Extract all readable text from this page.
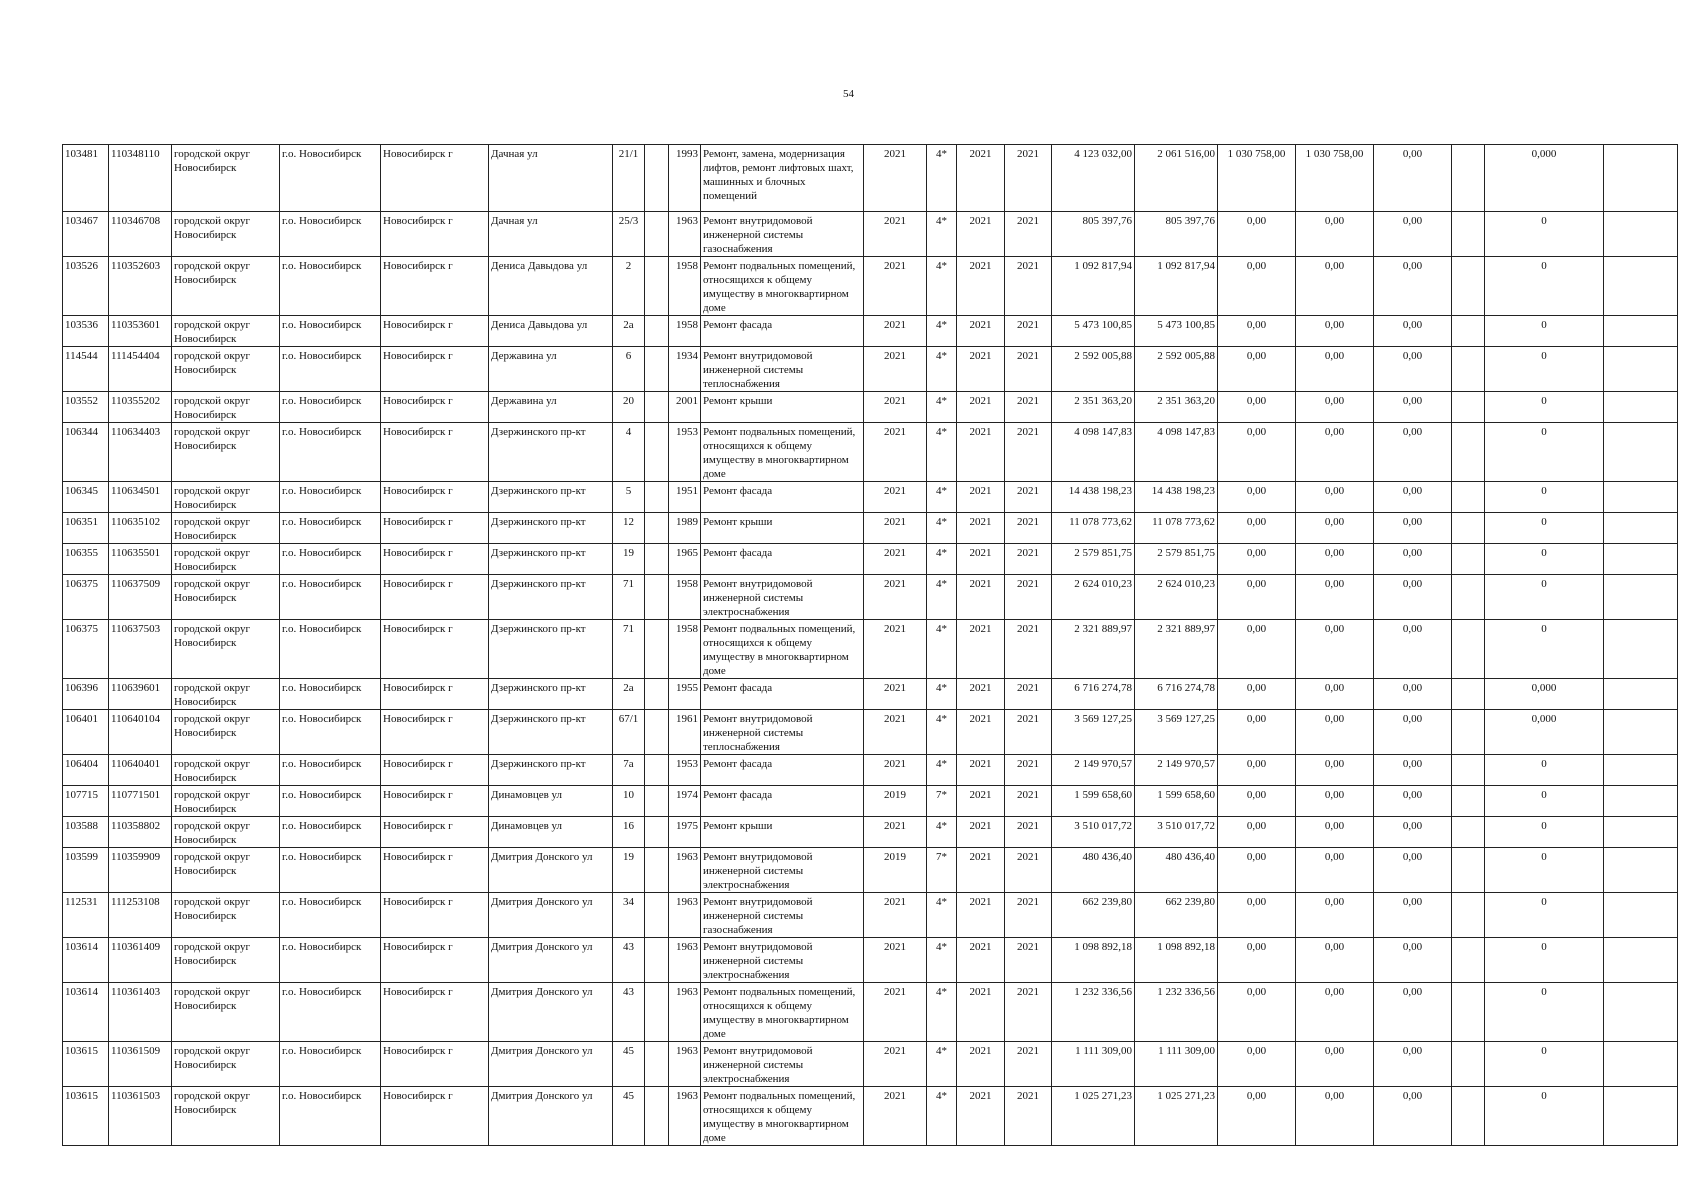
54
103481	110348110	городской округ Новосибирск	г.о. Новосибирск	Новосибирск г	Дачная ул	21/1		1993	Ремонт, замена, модернизация лифтов, ремонт лифтовых шахт, машинных и блочных помещений	2021	4*	2021	2021	4 123 032,00	2 061 516,00	1 030 758,00	1 030 758,00	0,00		0,000	
103467	110346708	городской округ Новосибирск	г.о. Новосибирск	Новосибирск г	Дачная ул	25/3		1963	Ремонт внутридомовой инженерной системы газоснабжения	2021	4*	2021	2021	805 397,76	805 397,76	0,00	0,00	0,00		0	
103526	110352603	городской округ Новосибирск	г.о. Новосибирск	Новосибирск г	Дениса Давыдова ул	2		1958	Ремонт подвальных помещений, относящихся к общему имуществу в многоквартирном доме	2021	4*	2021	2021	1 092 817,94	1 092 817,94	0,00	0,00	0,00		0	
103536	110353601	городской округ Новосибирск	г.о. Новосибирск	Новосибирск г	Дениса Давыдова ул	2а		1958	Ремонт фасада	2021	4*	2021	2021	5 473 100,85	5 473 100,85	0,00	0,00	0,00		0	
114544	111454404	городской округ Новосибирск	г.о. Новосибирск	Новосибирск г	Державина ул	6		1934	Ремонт внутридомовой инженерной системы теплоснабжения	2021	4*	2021	2021	2 592 005,88	2 592 005,88	0,00	0,00	0,00		0	
103552	110355202	городской округ Новосибирск	г.о. Новосибирск	Новосибирск г	Державина ул	20		2001	Ремонт крыши	2021	4*	2021	2021	2 351 363,20	2 351 363,20	0,00	0,00	0,00		0	
106344	110634403	городской округ Новосибирск	г.о. Новосибирск	Новосибирск г	Дзержинского пр-кт	4		1953	Ремонт подвальных помещений, относящихся к общему имуществу в многоквартирном доме	2021	4*	2021	2021	4 098 147,83	4 098 147,83	0,00	0,00	0,00		0	
106345	110634501	городской округ Новосибирск	г.о. Новосибирск	Новосибирск г	Дзержинского пр-кт	5		1951	Ремонт фасада	2021	4*	2021	2021	14 438 198,23	14 438 198,23	0,00	0,00	0,00		0	
106351	110635102	городской округ Новосибирск	г.о. Новосибирск	Новосибирск г	Дзержинского пр-кт	12		1989	Ремонт крыши	2021	4*	2021	2021	11 078 773,62	11 078 773,62	0,00	0,00	0,00		0	
106355	110635501	городской округ Новосибирск	г.о. Новосибирск	Новосибирск г	Дзержинского пр-кт	19		1965	Ремонт фасада	2021	4*	2021	2021	2 579 851,75	2 579 851,75	0,00	0,00	0,00		0	
106375	110637509	городской округ Новосибирск	г.о. Новосибирск	Новосибирск г	Дзержинского пр-кт	71		1958	Ремонт внутридомовой инженерной системы электроснабжения	2021	4*	2021	2021	2 624 010,23	2 624 010,23	0,00	0,00	0,00		0	
106375	110637503	городской округ Новосибирск	г.о. Новосибирск	Новосибирск г	Дзержинского пр-кт	71		1958	Ремонт подвальных помещений, относящихся к общему имуществу в многоквартирном доме	2021	4*	2021	2021	2 321 889,97	2 321 889,97	0,00	0,00	0,00		0	
106396	110639601	городской округ Новосибирск	г.о. Новосибирск	Новосибирск г	Дзержинского пр-кт	2а		1955	Ремонт фасада	2021	4*	2021	2021	6 716 274,78	6 716 274,78	0,00	0,00	0,00		0,000	
106401	110640104	городской округ Новосибирск	г.о. Новосибирск	Новосибирск г	Дзержинского пр-кт	67/1		1961	Ремонт внутридомовой инженерной системы теплоснабжения	2021	4*	2021	2021	3 569 127,25	3 569 127,25	0,00	0,00	0,00		0,000	
106404	110640401	городской округ Новосибирск	г.о. Новосибирск	Новосибирск г	Дзержинского пр-кт	7а		1953	Ремонт фасада	2021	4*	2021	2021	2 149 970,57	2 149 970,57	0,00	0,00	0,00		0	
107715	110771501	городской округ Новосибирск	г.о. Новосибирск	Новосибирск г	Динамовцев ул	10		1974	Ремонт фасада	2019	7*	2021	2021	1 599 658,60	1 599 658,60	0,00	0,00	0,00		0	
103588	110358802	городской округ Новосибирск	г.о. Новосибирск	Новосибирск г	Динамовцев ул	16		1975	Ремонт крыши	2021	4*	2021	2021	3 510 017,72	3 510 017,72	0,00	0,00	0,00		0	
103599	110359909	городской округ Новосибирск	г.о. Новосибирск	Новосибирск г	Дмитрия Донского ул	19		1963	Ремонт внутридомовой инженерной системы электроснабжения	2019	7*	2021	2021	480 436,40	480 436,40	0,00	0,00	0,00		0	
112531	111253108	городской округ Новосибирск	г.о. Новосибирск	Новосибирск г	Дмитрия Донского ул	34		1963	Ремонт внутридомовой инженерной системы газоснабжения	2021	4*	2021	2021	662 239,80	662 239,80	0,00	0,00	0,00		0	
103614	110361409	городской округ Новосибирск	г.о. Новосибирск	Новосибирск г	Дмитрия Донского ул	43		1963	Ремонт внутридомовой инженерной системы электроснабжения	2021	4*	2021	2021	1 098 892,18	1 098 892,18	0,00	0,00	0,00		0	
103614	110361403	городской округ Новосибирск	г.о. Новосибирск	Новосибирск г	Дмитрия Донского ул	43		1963	Ремонт подвальных помещений, относящихся к общему имуществу в многоквартирном доме	2021	4*	2021	2021	1 232 336,56	1 232 336,56	0,00	0,00	0,00		0	
103615	110361509	городской округ Новосибирск	г.о. Новосибирск	Новосибирск г	Дмитрия Донского ул	45		1963	Ремонт внутридомовой инженерной системы электроснабжения	2021	4*	2021	2021	1 111 309,00	1 111 309,00	0,00	0,00	0,00		0	
103615	110361503	городской округ Новосибирск	г.о. Новосибирск	Новосибирск г	Дмитрия Донского ул	45		1963	Ремонт подвальных помещений, относящихся к общему имуществу в многоквартирном доме	2021	4*	2021	2021	1 025 271,23	1 025 271,23	0,00	0,00	0,00		0	
